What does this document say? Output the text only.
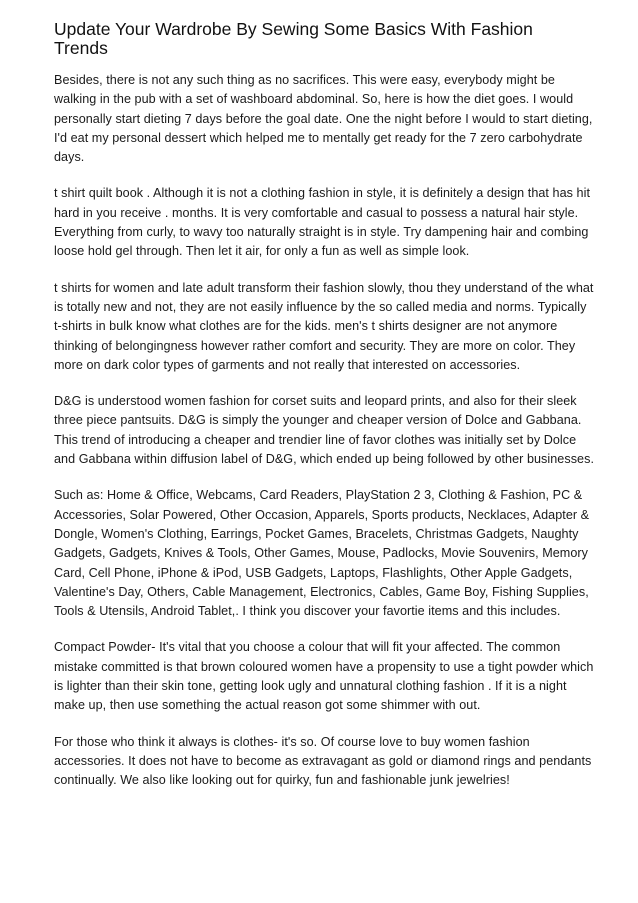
Update Your Wardrobe By Sewing Some Basics With Fashion Trends

Besides, there is not any such thing as no sacrifices. This were easy, everybody might be walking in the pub with a set of washboard abdominal. So, here is how the diet goes. I would personally start dieting 7 days before the goal date. One the night before I would to start dieting, I'd eat my personal dessert which helped me to mentally get ready for the 7 zero carbohydrate days.

t shirt quilt book . Although it is not a clothing fashion in style, it is definitely a design that has hit hard in you receive . months. It is very comfortable and casual to possess a natural hair style. Everything from curly, to wavy too naturally straight is in style. Try dampening hair and combing loose hold gel through. Then let it air, for only a fun as well as simple look.

t shirts for women and late adult transform their fashion slowly, thou they understand of the what is totally new and not, they are not easily influence by the so called media and norms. Typically t-shirts in bulk know what clothes are for the kids. men's t shirts designer are not anymore thinking of belongingness however rather comfort and security. They are more on color. They more on dark color types of garments and not really that interested on accessories.

D&G is understood women fashion for corset suits and leopard prints, and also for their sleek three piece pantsuits. D&G is simply the younger and cheaper version of Dolce and Gabbana. This trend of introducing a cheaper and trendier line of favor clothes was initially set by Dolce and Gabbana within diffusion label of D&G, which ended up being followed by other businesses.

Such as: Home & Office, Webcams, Card Readers, PlayStation 2 3, Clothing & Fashion, PC & Accessories, Solar Powered, Other Occasion, Apparels, Sports products, Necklaces, Adapter & Dongle, Women's Clothing, Earrings, Pocket Games, Bracelets, Christmas Gadgets, Naughty Gadgets, Gadgets, Knives & Tools, Other Games, Mouse, Padlocks, Movie Souvenirs, Memory Card, Cell Phone, iPhone & iPod, USB Gadgets, Laptops, Flashlights, Other Apple Gadgets, Valentine's Day, Others, Cable Management, Electronics, Cables, Game Boy, Fishing Supplies, Tools & Utensils, Android Tablet,. I think you discover your favortie items and this includes.

Compact Powder- It's vital that you choose a colour that will fit your affected. The common mistake committed is that brown coloured women have a propensity to use a tight powder which is lighter than their skin tone, getting look ugly and unnatural clothing fashion . If it is a night make up, then use something the actual reason got some shimmer with out.

For those who think it always is clothes- it's so. Of course love to buy women fashion accessories. It does not have to become as extravagant as gold or diamond rings and pendants continually. We also like looking out for quirky, fun and fashionable junk jewelries!
